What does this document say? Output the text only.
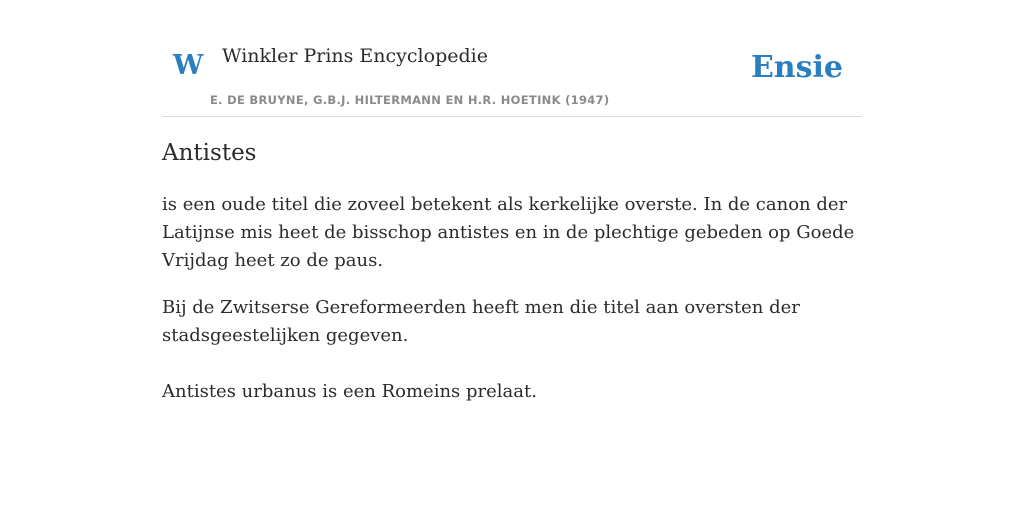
W Winkler Prins Encyclopedie	Ensie
E. DE BRUYNE, G.B.J. HILTERMANN EN H.R. HOETINK (1947)
Antistes

is een oude titel die zoveel betekent als kerkelijke overste. In de canon der Latijnse mis heet de bisschop antistes en in de plechtige gebeden op Goede Vrijdag heet zo de paus.

Bij de Zwitserse Gereformeerden heeft men die titel aan oversten der stadsgeestelijken gegeven.

Antistes urbanus is een Romeins prelaat.
